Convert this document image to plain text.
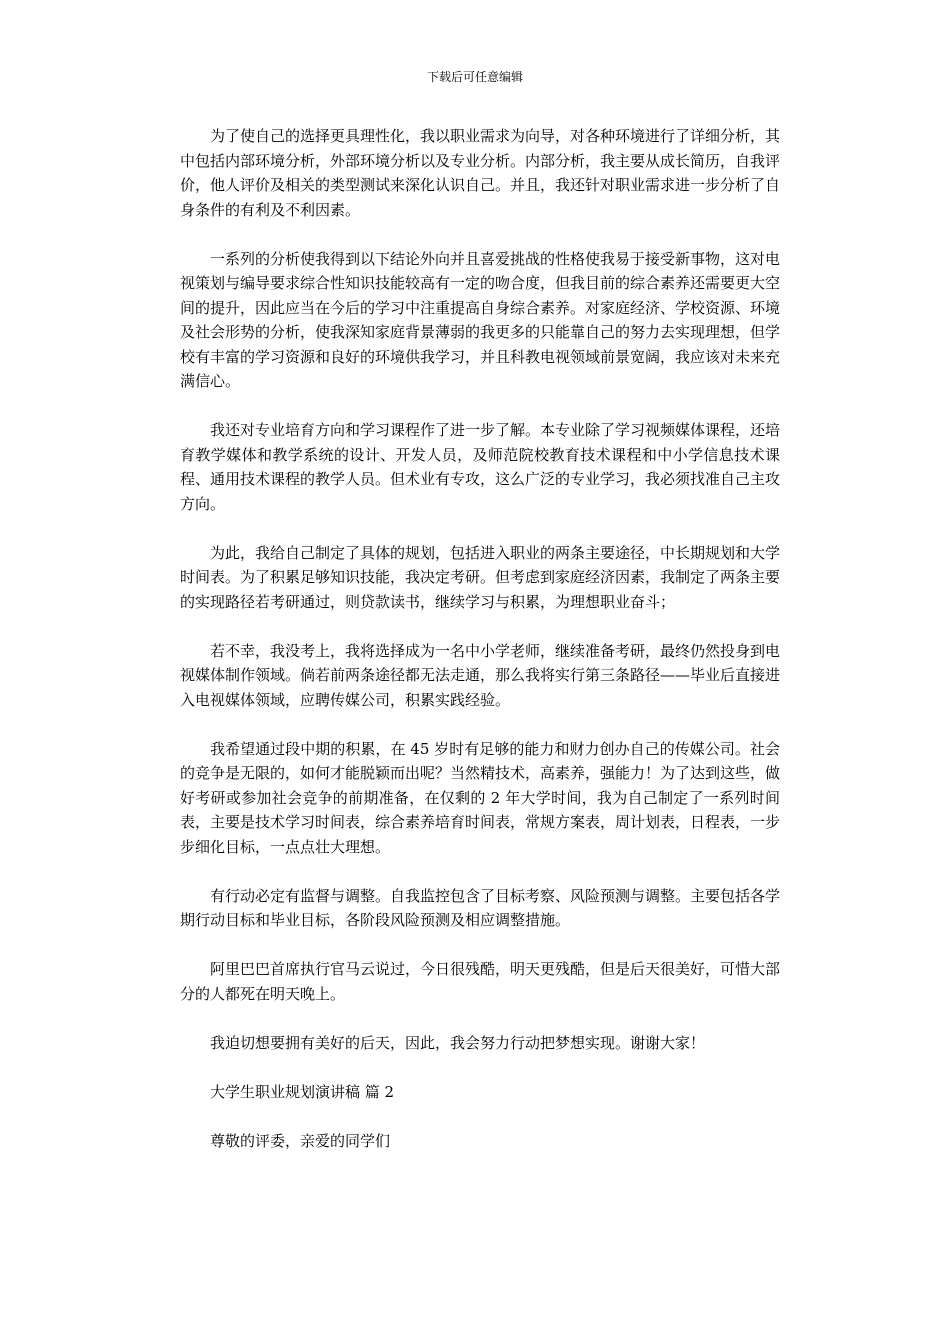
下载后可任意编辑

为了使自己的选择更具理性化，我以职业需求为向导，对各种环境进行了详细分析，其中包括内部环境分析，外部环境分析以及专业分析。内部分析，我主要从成长简历，自我评价，他人评价及相关的类型测试来深化认识自己。并且，我还针对职业需求进一步分析了自身条件的有利及不利因素。

一系列的分析使我得到以下结论外向并且喜爱挑战的性格使我易于接受新事物，这对电视策划与编导要求综合性知识技能较高有一定的吻合度，但我目前的综合素养还需要更大空间的提升，因此应当在今后的学习中注重提高自身综合素养。对家庭经济、学校资源、环境及社会形势的分析，使我深知家庭背景薄弱的我更多的只能靠自己的努力去实现理想，但学校有丰富的学习资源和良好的环境供我学习，并且科教电视领域前景宽阔，我应该对未来充满信心。

我还对专业培育方向和学习课程作了进一步了解。本专业除了学习视频媒体课程，还培育教学媒体和教学系统的设计、开发人员，及师范院校教育技术课程和中小学信息技术课程、通用技术课程的教学人员。但术业有专攻，这么广泛的专业学习，我必须找准自己主攻方向。

为此，我给自己制定了具体的规划，包括进入职业的两条主要途径，中长期规划和大学时间表。为了积累足够知识技能，我决定考研。但考虑到家庭经济因素，我制定了两条主要的实现路径若考研通过，则贷款读书，继续学习与积累，为理想职业奋斗；

若不幸，我没考上，我将选择成为一名中小学老师，继续准备考研，最终仍然投身到电视媒体制作领域。倘若前两条途径都无法走通，那么我将实行第三条路径——毕业后直接进入电视媒体领域，应聘传媒公司，积累实践经验。

我希望通过段中期的积累，在 45 岁时有足够的能力和财力创办自己的传媒公司。社会的竞争是无限的，如何才能脱颖而出呢？当然精技术，高素养，强能力！为了达到这些，做好考研或参加社会竞争的前期准备，在仅剩的 2 年大学时间，我为自己制定了一系列时间表，主要是技术学习时间表，综合素养培育时间表，常规方案表，周计划表，日程表，一步步细化目标，一点点壮大理想。

有行动必定有监督与调整。自我监控包含了目标考察、风险预测与调整。主要包括各学期行动目标和毕业目标，各阶段风险预测及相应调整措施。

阿里巴巴首席执行官马云说过，今日很残酷，明天更残酷，但是后天很美好，可惜大部分的人都死在明天晚上。

我迫切想要拥有美好的后天，因此，我会努力行动把梦想实现。谢谢大家！

大学生职业规划演讲稿 篇 2

尊敬的评委，亲爱的同学们
